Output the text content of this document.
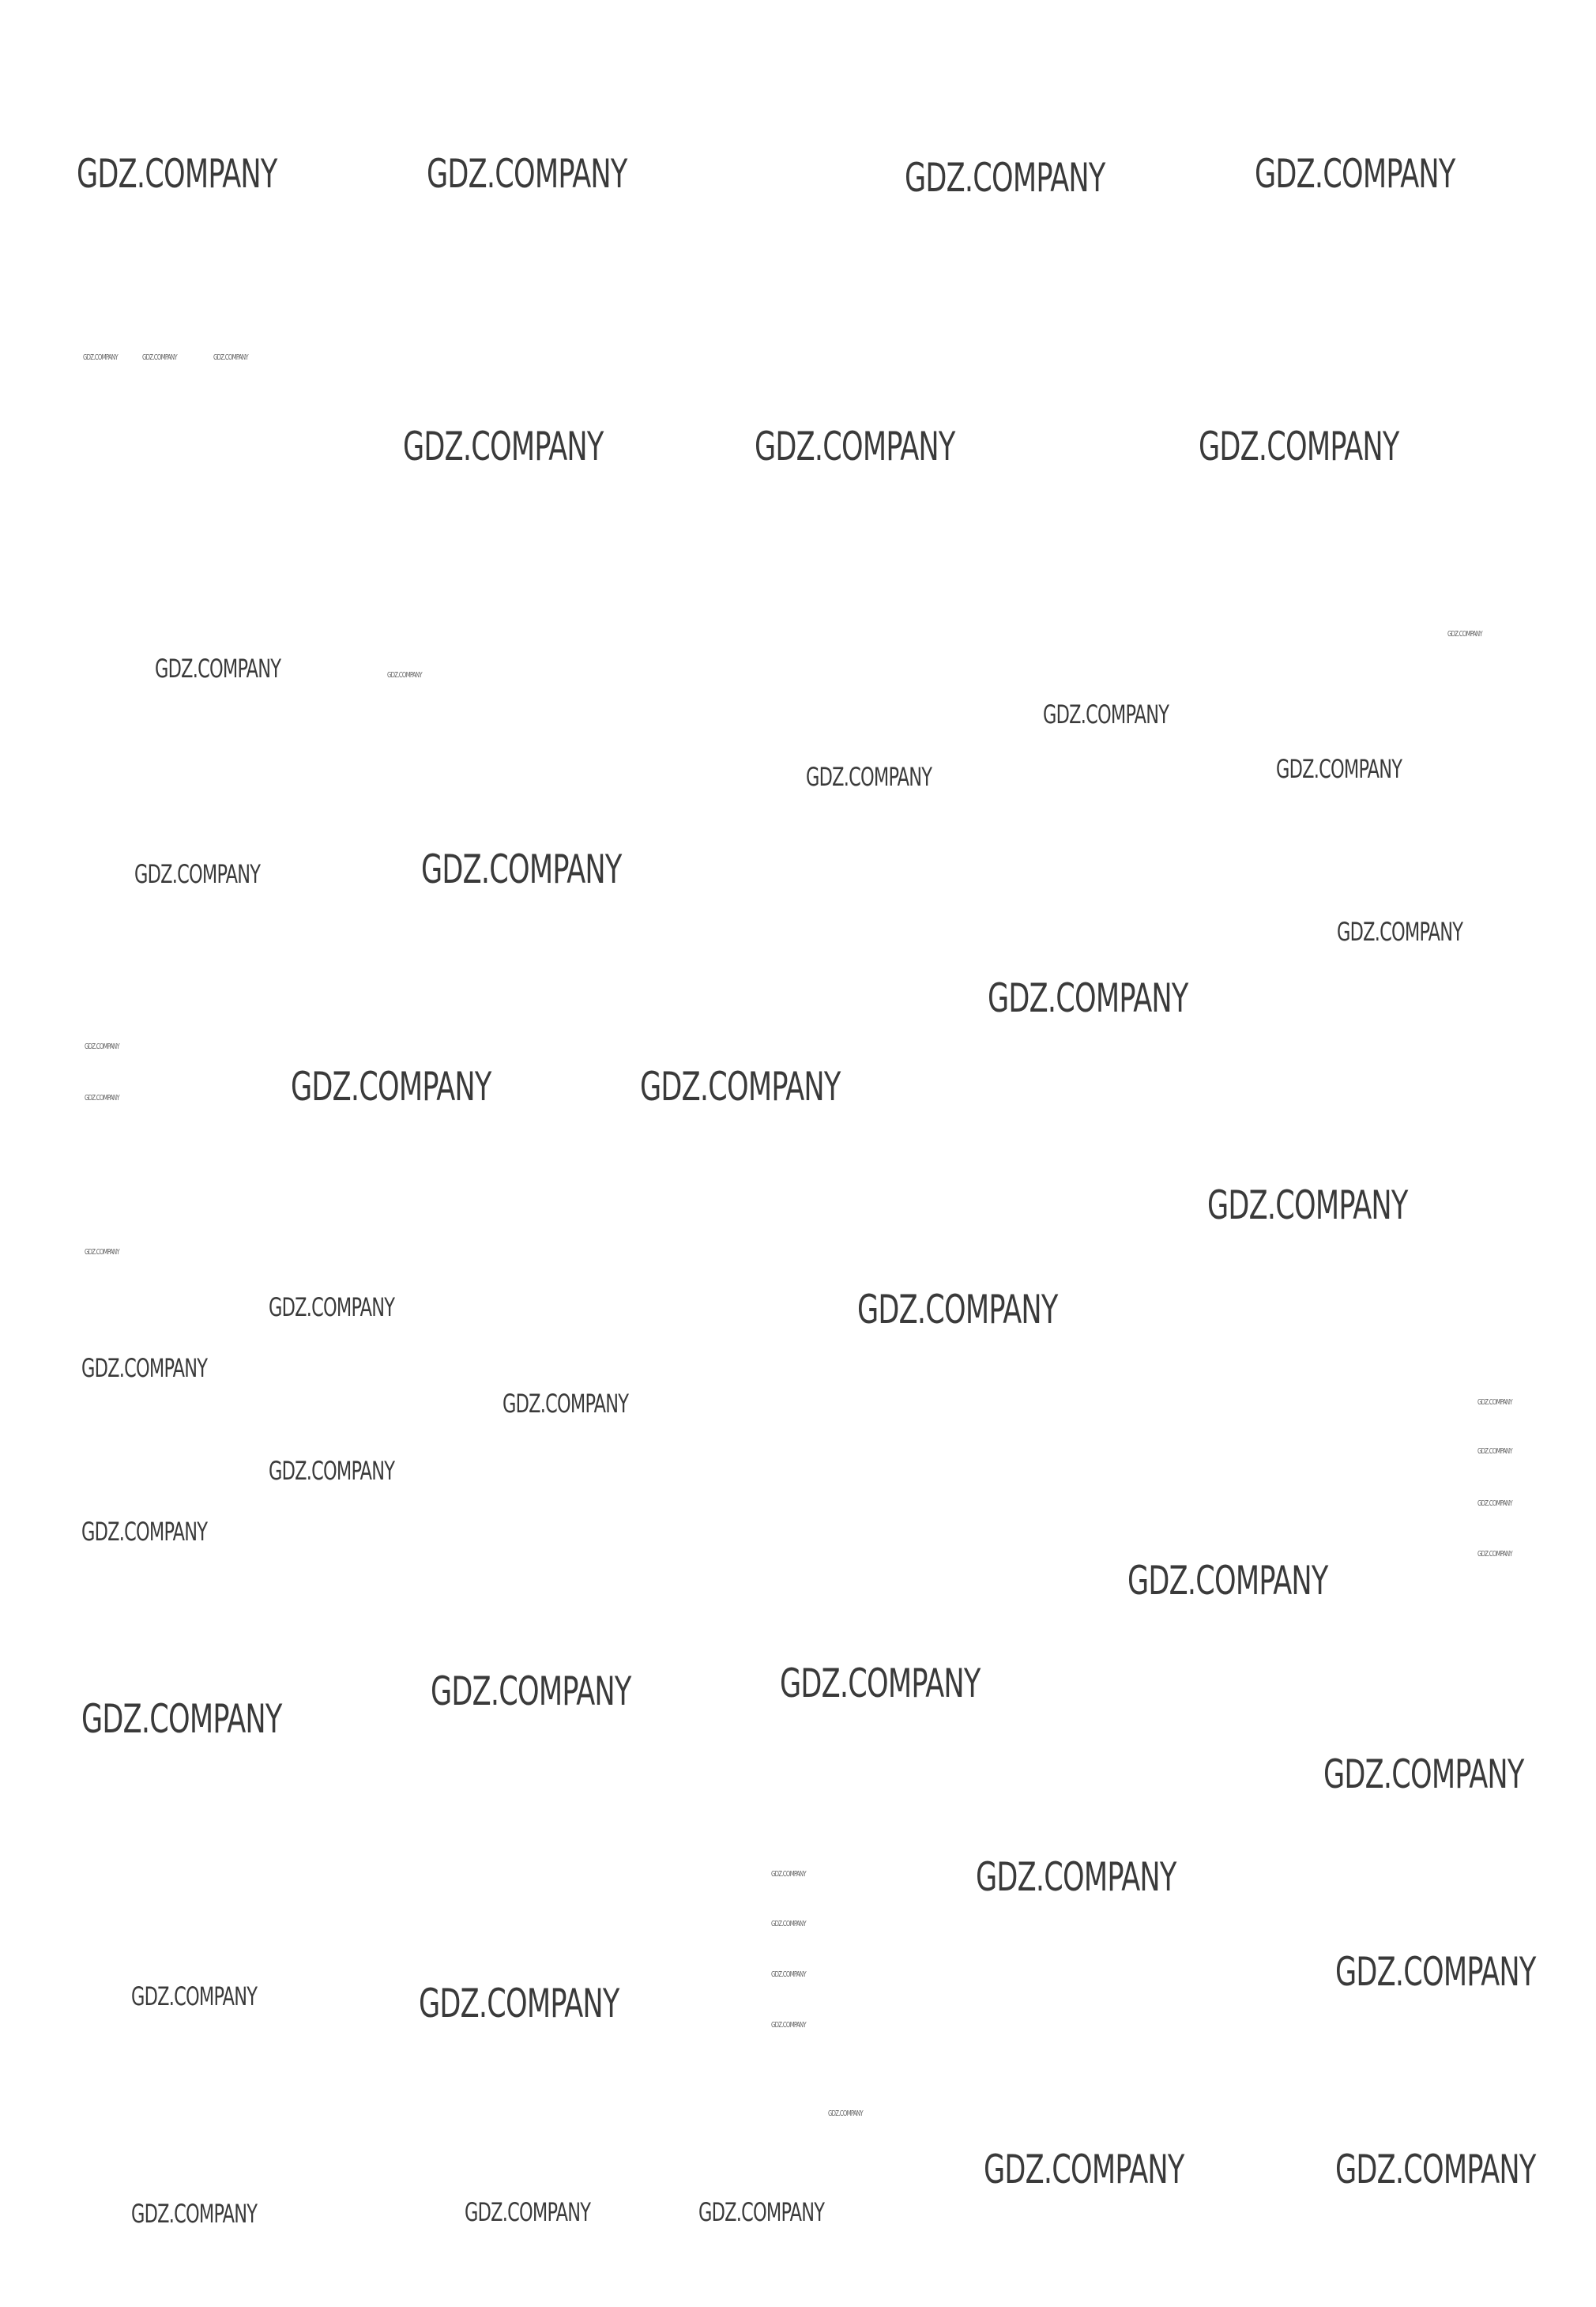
GDZ.COMPANY	GDZ.COMPANY	GDZ.COMPANY	GDZ.COMPANY
GDZ.COMPANY	GDZ.COMPANY	GDZ.COMPANY
GDZ.COMPANY
GDZ.COMPANY
GDZ.COMPANY	GDZ.COMPANY
GDZ.COMPANY	GDZ.COMPANY
GDZ.COMPANY
GDZ.COMPANY
GDZ.COMPANY	GDZ.COMPANY
GDZ.COMPANY
GDZ.COMPANY	GDZ.COMPANY
GDZ.COMPANY
GDZ.COMPANY
GDZ.COMPANY
GDZ.COMPANY
GDZ.COMPANY
GDZ.COMPANY	GDZ.COMPANY
GDZ.COMPANY
GDZ.COMPANY
GDZ.COMPANY
GDZ.COMPANY
GDZ.COMPANY	GDZ.COMPANY
GDZ.COMPANY	GDZ.COMPANY
GDZ.COMPANY	GDZ.COMPANY	GDZ.COMPANY
GDZ.COMPANY
GDZ.COMPANY
GDZ.COMPANY
GDZ.COMPANY
GDZ.COMPANY
GDZ.COMPANY
GDZ.COMPANY
GDZ.COMPANY
GDZ.COMPANY
GDZ.COMPANY
GDZ.COMPANY
GDZ.COMPANY
GDZ.COMPANY	GDZ.COMPANY	GDZ.COMPANY
GDZ.COMPANY
GDZ.COMPANY
